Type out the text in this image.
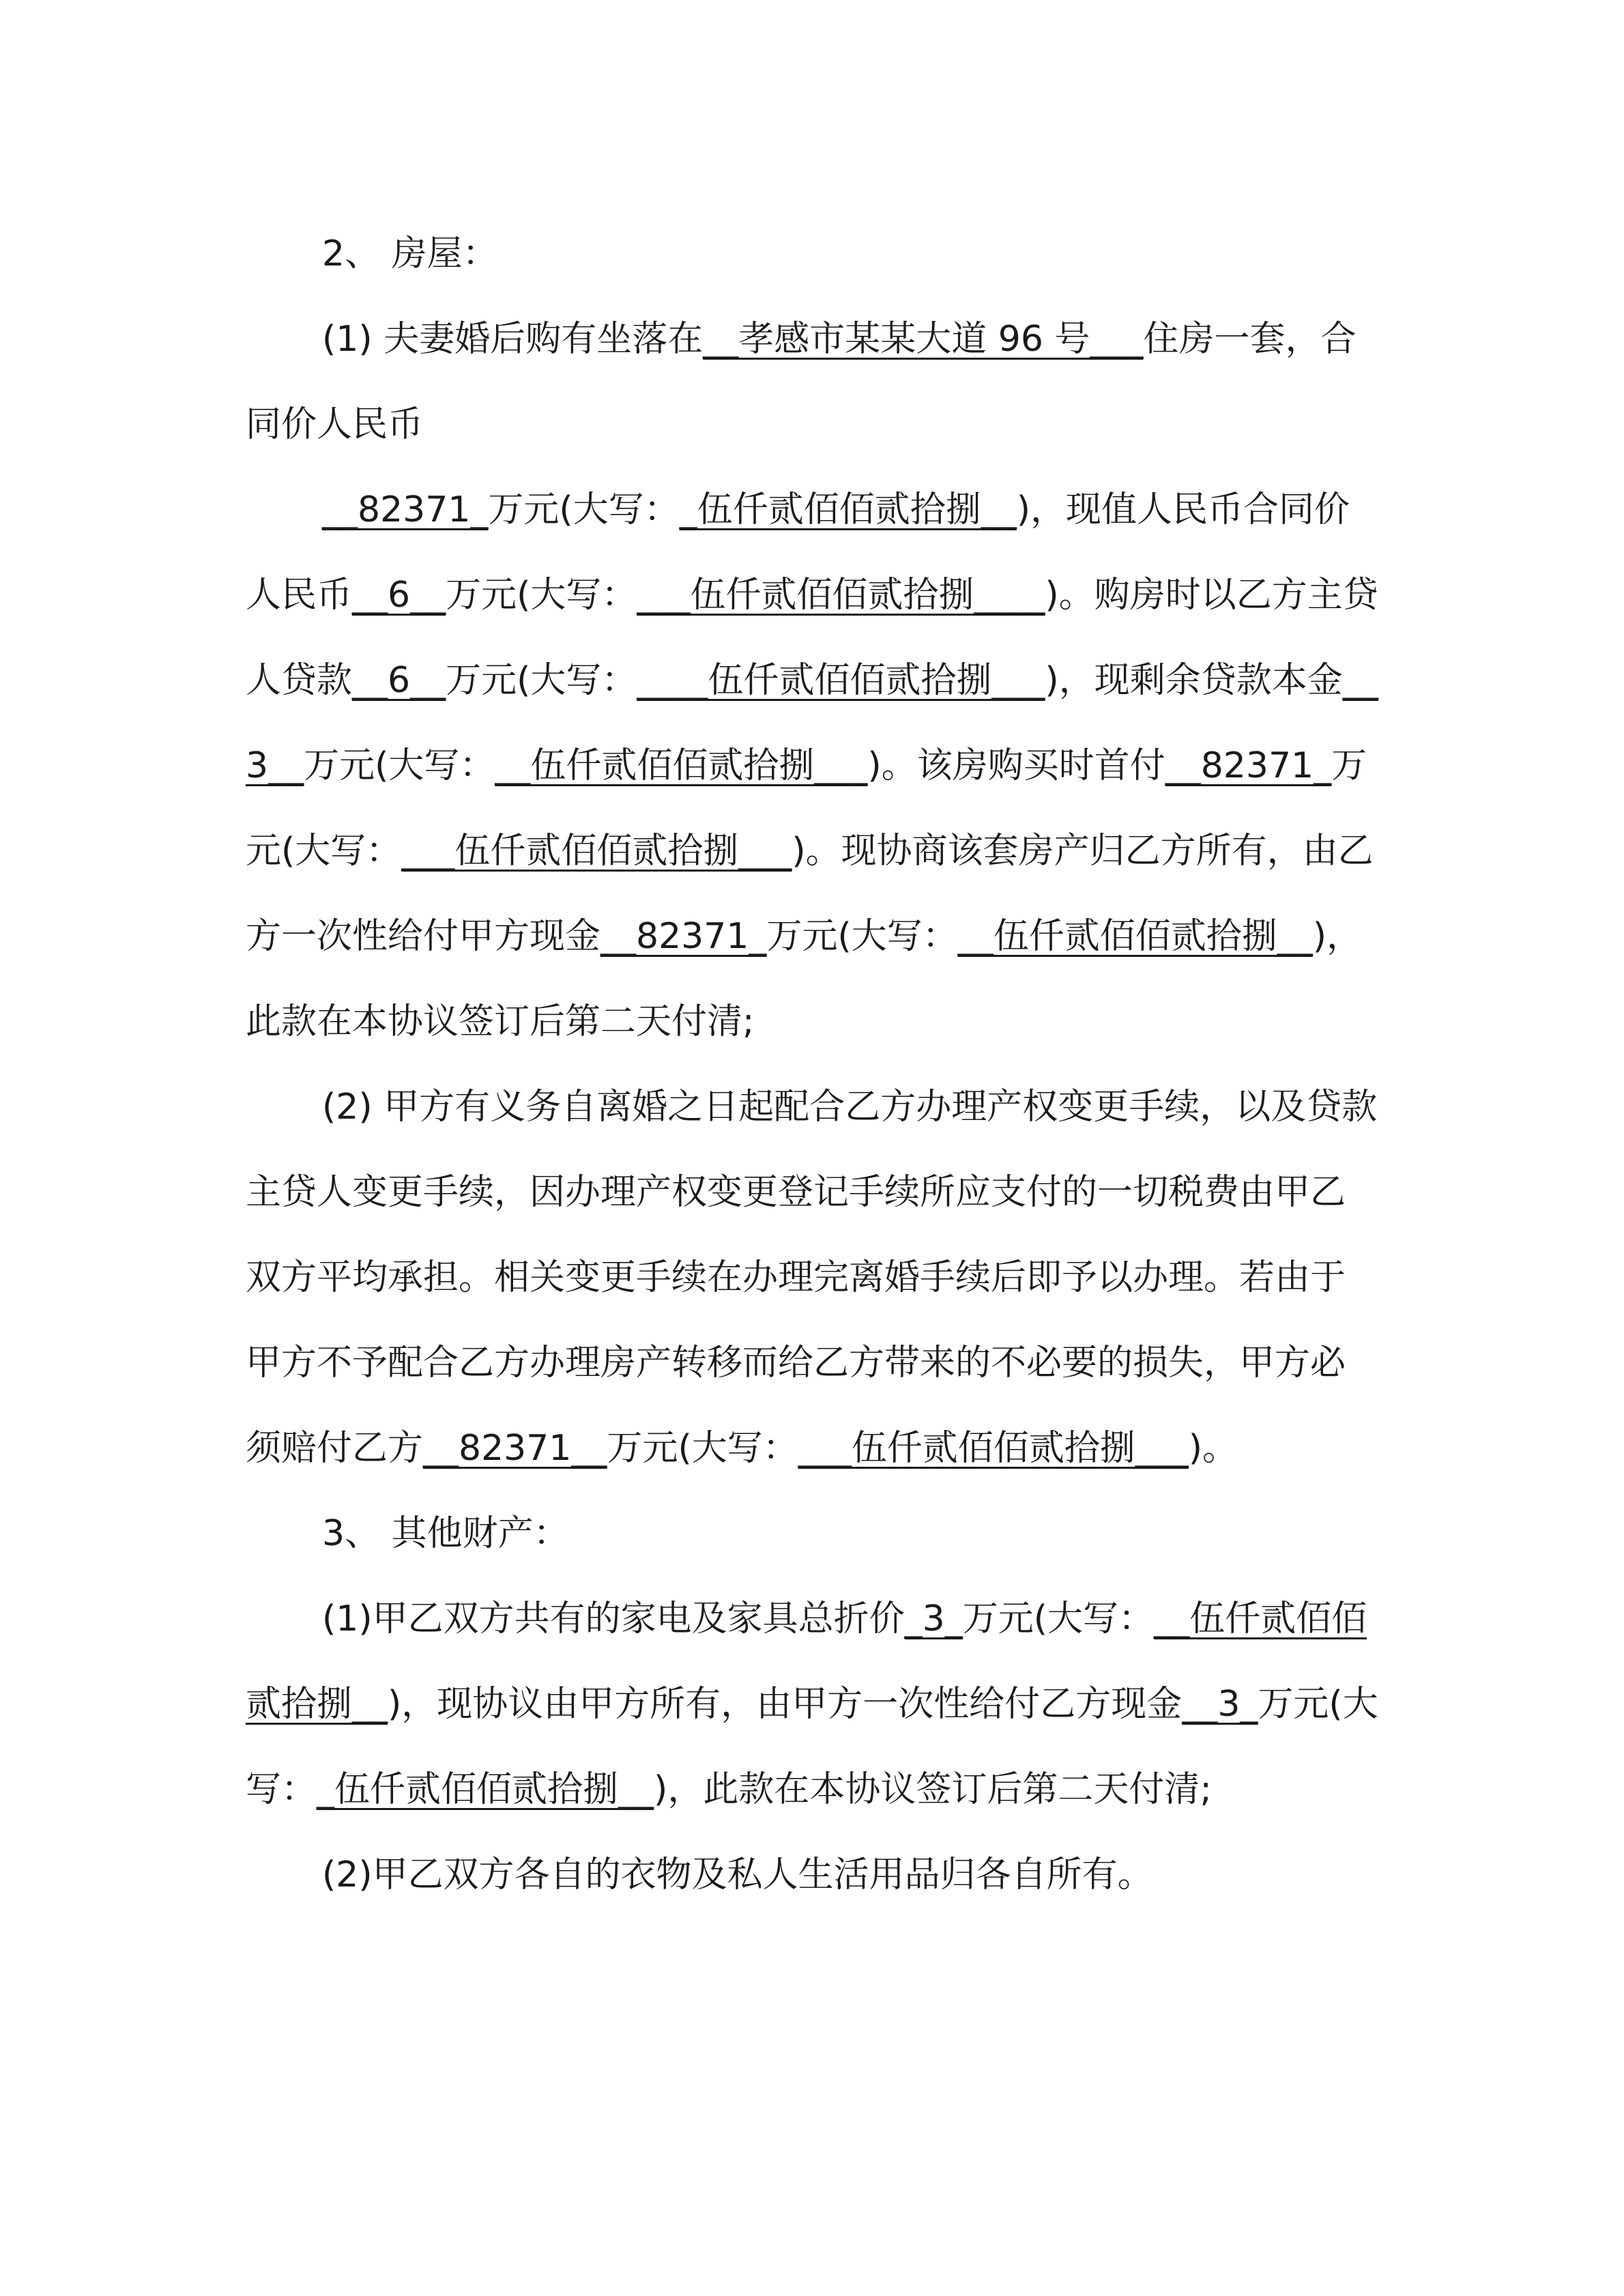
2、 房屋：

(1) 夫妻婚后购有坐落在__孝感市某某大道 96 号___住房一套，合同价人民币

__82371_万元(大写：_伍仟贰佰佰贰拾捌__)，现值人民币合同价人民币__6__万元(大写：___伍仟贰佰佰贰拾捌____)。购房时以乙方主贷人贷款__6__万元(大写：____伍仟贰佰佰贰拾捌___)，现剩余贷款本金__3__万元(大写：__伍仟贰佰佰贰拾捌___)。该房购买时首付__82371_万元(大写：___伍仟贰佰佰贰拾捌___)。现协商该套房产归乙方所有，由乙方一次性给付甲方现金__82371_万元(大写：__伍仟贰佰佰贰拾捌__)，此款在本协议签订后第二天付清;

(2) 甲方有义务自离婚之日起配合乙方办理产权变更手续，以及贷款主贷人变更手续，因办理产权变更登记手续所应支付的一切税费由甲乙双方平均承担。相关变更手续在办理完离婚手续后即予以办理。若由于甲方不予配合乙方办理房产转移而给乙方带来的不必要的损失，甲方必须赔付乙方__82371__万元(大写：___伍仟贰佰佰贰拾捌___)。

3、 其他财产：

(1)甲乙双方共有的家电及家具总折价_3_万元(大写：__伍仟贰佰佰贰拾捌__)，现协议由甲方所有，由甲方一次性给付乙方现金__3_万元(大写：_伍仟贰佰佰贰拾捌__)，此款在本协议签订后第二天付清;

(2)甲乙双方各自的衣物及私人生活用品归各自所有。
